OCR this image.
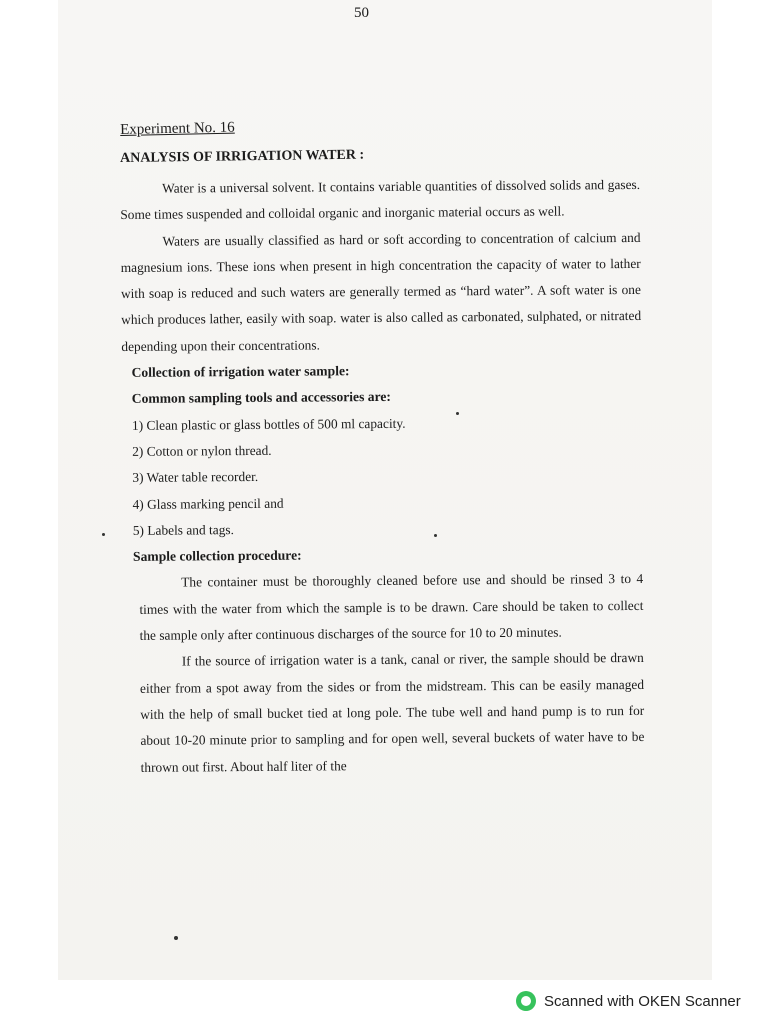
50
Experiment No. 16
ANALYSIS OF IRRIGATION WATER :

Water is a universal solvent. It contains variable quantities of dissolved solids and gases. Some times suspended and colloidal organic and inorganic material occurs as well.

Waters are usually classified as hard or soft according to concentration of calcium and magnesium ions. These ions when present in high concentration the capacity of water to lather with soap is reduced and such waters are generally termed as “hard water”. A soft water is one which produces lather, easily with soap. water is also called as carbonated, sulphated, or nitrated depending upon their concentrations.

Collection of irrigation water sample:
Common sampling tools and accessories are:
1) Clean plastic or glass bottles of 500 ml capacity.
2) Cotton or nylon thread.
3) Water table recorder.
4) Glass marking pencil and
5) Labels and tags.
Sample collection procedure:

The container must be thoroughly cleaned before use and should be rinsed 3 to 4 times with the water from which the sample is to be drawn. Care should be taken to collect the sample only after continuous discharges of the source for 10 to 20 minutes.

If the source of irrigation water is a tank, canal or river, the sample should be drawn either from a spot away from the sides or from the midstream. This can be easily managed with the help of small bucket tied at long pole. The tube well and hand pump is to run for about 10-20 minute prior to sampling and for open well, several buckets of water have to be thrown out first. About half liter of the

Scanned with OKEN Scanner
